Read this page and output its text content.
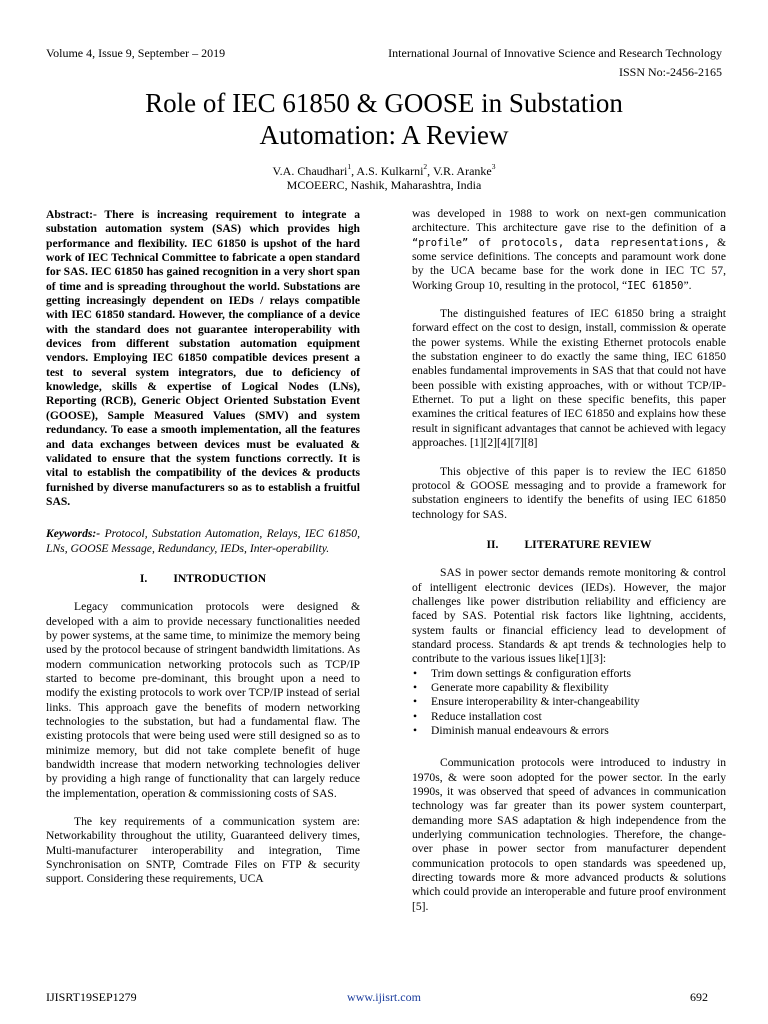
Volume 4, Issue 9, September – 2019	International Journal of Innovative Science and Research Technology
ISSN No:-2456-2165
Role of IEC 61850 & GOOSE in Substation
Automation: A Review
V.A. Chaudhari$^1$, A.S. Kulkarni$^2$, V.R. Aranke$^3$
MCOEERC, Nashik, Maharashtra, India

Abstract:- There is increasing requirement to integrate a substation automation system (SAS) which provides high performance and flexibility. IEC 61850 is upshot of the hard work of IEC Technical Committee to fabricate a open standard for SAS. IEC 61850 has gained recognition in a very short span of time and is spreading throughout the world. Substations are getting increasingly dependent on IEDs / relays compatible with IEC 61850 standard. However, the compliance of a device with the standard does not guarantee interoperability with devices from different substation automation equipment vendors. Employing IEC 61850 compatible devices present a test to several system integrators, due to deficiency of knowledge, skills & expertise of Logical Nodes (LNs), Reporting (RCB), Generic Object Oriented Substation Event (GOOSE), Sample Measured Values (SMV) and system redundancy. To ease a smooth implementation, all the features and data exchanges between devices must be evaluated & validated to ensure that the system functions correctly. It is vital to establish the compatibility of the devices & products furnished by diverse manufacturers so as to establish a fruitful SAS.

Keywords:- Protocol, Substation Automation, Relays, IEC 61850, LNs, GOOSE Message, Redundancy, IEDs, Inter-operability.

I. INTRODUCTION

Legacy communication protocols were designed & developed with a aim to provide necessary functionalities needed by power systems, at the same time, to minimize the memory being used by the protocol because of stringent bandwidth limitations. As modern communication networking protocols such as TCP/IP started to become pre-dominant, this brought upon a need to modify the existing protocols to work over TCP/IP instead of serial links. This approach gave the benefits of modern networking technologies to the substation, but had a fundamental flaw. The existing protocols that were being used were still designed so as to minimize memory, but did not take complete benefit of huge bandwidth increase that modern networking technologies deliver by providing a high range of functionality that can largely reduce the implementation, operation & commissioning costs of SAS.

The key requirements of a communication system are: Networkability throughout the utility, Guaranteed delivery times, Multi-manufacturer interoperability and integration, Time Synchronisation on SNTP, Comtrade Files on FTP & security support. Considering these requirements, UCA

was developed in 1988 to work on next-gen communication architecture. This architecture gave rise to the definition of a “profile” of protocols, data representations, & some service definitions. The concepts and paramount work done by the UCA became base for the work done in IEC TC 57, Working Group 10, resulting in the protocol, “IEC 61850”.

The distinguished features of IEC 61850 bring a straight forward effect on the cost to design, install, commission & operate the power systems. While the existing Ethernet protocols enable the substation engineer to do exactly the same thing, IEC 61850 enables fundamental improvements in SAS that that could not have been possible with existing approaches, with or without TCP/IP-Ethernet. To put a light on these specific benefits, this paper examines the critical features of IEC 61850 and explains how these result in significant advantages that cannot be achieved with legacy approaches. [1][2][4][7][8]

This objective of this paper is to review the IEC 61850 protocol & GOOSE messaging and to provide a framework for substation engineers to identify the benefits of using IEC 61850 technology for SAS.

II. LITERATURE REVIEW

SAS in power sector demands remote monitoring & control of intelligent electronic devices (IEDs). However, the major challenges like power distribution reliability and efficiency are faced by SAS. Potential risk factors like lightning, accidents, system faults or financial efficiency lead to development of standard process. Standards & apt trends & technologies help to contribute to the various issues like[1][3]:

• Trim down settings & configuration efforts
• Generate more capability & flexibility
• Ensure interoperability & inter-changeability
• Reduce installation cost
• Diminish manual endeavours & errors

Communication protocols were introduced to industry in 1970s, & were soon adopted for the power sector. In the early 1990s, it was observed that speed of advances in communication technology was far greater than its power system counterpart, demanding more SAS adaptation & high independence from the underlying communication technologies. Therefore, the change-over phase in power sector from manufacturer dependent communication protocols to open standards was speedened up, directing towards more & more advanced products & solutions which could provide an interoperable and future proof environment [5].

IJISRT19SEP1279	www.ijisrt.com	692
